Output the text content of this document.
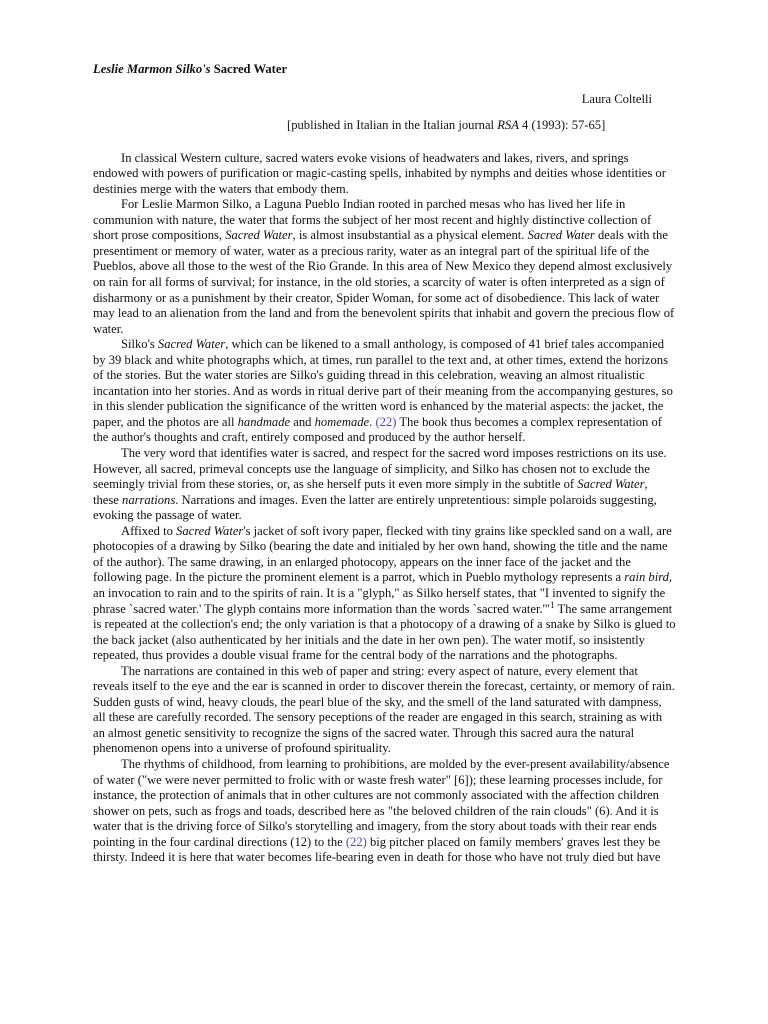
Leslie Marmon Silko's Sacred Water
Laura Coltelli
[published in Italian in the Italian journal RSA 4 (1993): 57-65]

In classical Western culture, sacred waters evoke visions of headwaters and lakes, rivers, and springs endowed with powers of purification or magic-casting spells, inhabited by nymphs and deities whose identities or destinies merge with the waters that embody them.

For Leslie Marmon Silko, a Laguna Pueblo Indian rooted in parched mesas who has lived her life in communion with nature, the water that forms the subject of her most recent and highly distinctive collection of short prose compositions, Sacred Water, is almost insubstantial as a physical element. Sacred Water deals with the presentiment or memory of water, water as a precious rarity, water as an integral part of the spiritual life of the Pueblos, above all those to the west of the Rio Grande. In this area of New Mexico they depend almost exclusively on rain for all forms of survival; for instance, in the old stories, a scarcity of water is often interpreted as a sign of disharmony or as a punishment by their creator, Spider Woman, for some act of disobedience. This lack of water may lead to an alienation from the land and from the benevolent spirits that inhabit and govern the precious flow of water.

Silko's Sacred Water, which can be likened to a small anthology, is composed of 41 brief tales accompanied by 39 black and white photographs which, at times, run parallel to the text and, at other times, extend the horizons of the stories. But the water stories are Silko's guiding thread in this celebration, weaving an almost ritualistic incantation into her stories. And as words in ritual derive part of their meaning from the accompanying gestures, so in this slender publication the significance of the written word is enhanced by the material aspects: the jacket, the paper, and the photos are all handmade and homemade. (22) The book thus becomes a complex representation of the author's thoughts and craft, entirely composed and produced by the author herself.

The very word that identifies water is sacred, and respect for the sacred word imposes restrictions on its use. However, all sacred, primeval concepts use the language of simplicity, and Silko has chosen not to exclude the seemingly trivial from these stories, or, as she herself puts it even more simply in the subtitle of Sacred Water, these narrations. Narrations and images. Even the latter are entirely unpretentious: simple polaroids suggesting, evoking the passage of water.

Affixed to Sacred Water's jacket of soft ivory paper, flecked with tiny grains like speckled sand on a wall, are photocopies of a drawing by Silko (bearing the date and initialed by her own hand, showing the title and the name of the author). The same drawing, in an enlarged photocopy, appears on the inner face of the jacket and the following page. In the picture the prominent element is a parrot, which in Pueblo mythology represents a rain bird, an invocation to rain and to the spirits of rain. It is a "glyph," as Silko herself states, that "I invented to signify the phrase `sacred water.' The glyph contains more information than the words `sacred water.'"$^1$ The same arrangement is repeated at the collection's end; the only variation is that a photocopy of a drawing of a snake by Silko is glued to the back jacket (also authenticated by her initials and the date in her own pen). The water motif, so insistently repeated, thus provides a double visual frame for the central body of the narrations and the photographs.

The narrations are contained in this web of paper and string: every aspect of nature, every element that reveals itself to the eye and the ear is scanned in order to discover therein the forecast, certainty, or memory of rain. Sudden gusts of wind, heavy clouds, the pearl blue of the sky, and the smell of the land saturated with dampness, all these are carefully recorded. The sensory peceptions of the reader are engaged in this search, straining as with an almost genetic sensitivity to recognize the signs of the sacred water. Through this sacred aura the natural phenomenon opens into a universe of profound spirituality.

The rhythms of childhood, from learning to prohibitions, are molded by the ever-present availability/absence of water ("we were never permitted to frolic with or waste fresh water" [6]); these learning processes include, for instance, the protection of animals that in other cultures are not commonly associated with the affection children shower on pets, such as frogs and toads, described here as "the beloved children of the rain clouds" (6). And it is water that is the driving force of Silko's storytelling and imagery, from the story about toads with their rear ends pointing in the four cardinal directions (12) to the (22) big pitcher placed on family members' graves lest they be thirsty. Indeed it is here that water becomes life-bearing even in death for those who have not truly died but have
